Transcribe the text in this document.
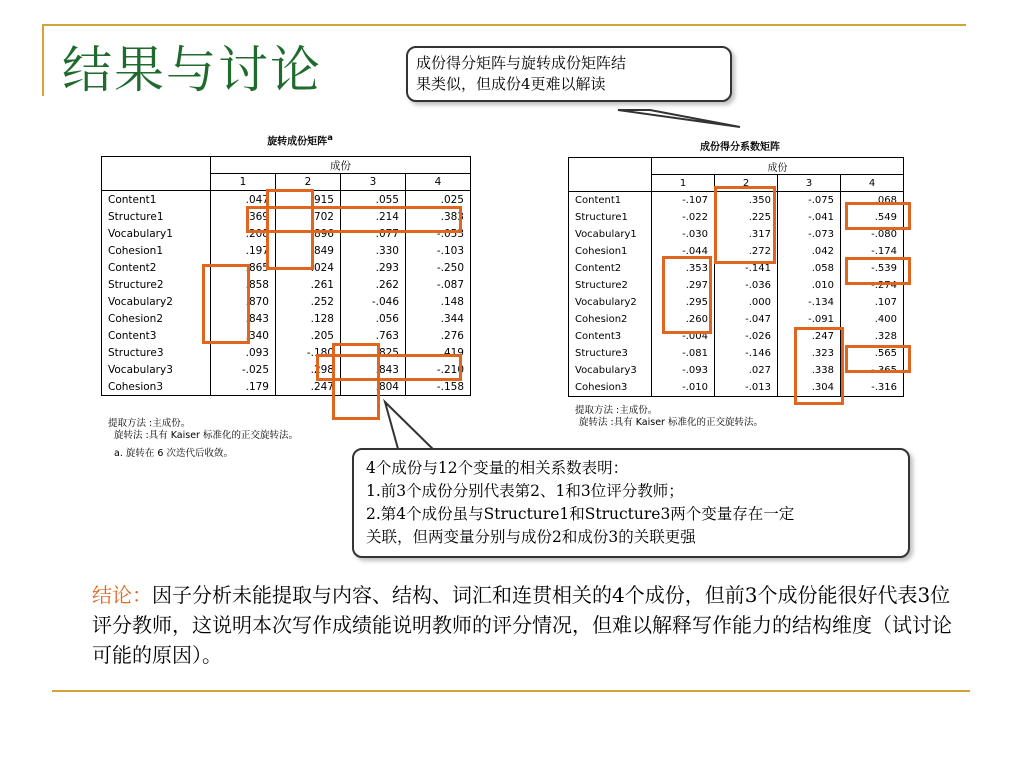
结果与讨论	成份得分矩阵与旋转成份矩阵结
果类似，但成份4更难以解读
旋转成份矩阵$^a$
	成份			
	1	2	3	4
Content1	.047	.915	.055	.025
Structure1	.369	.702	.214	.383
Vocabulary1	.208	.896	.077	-.053
Cohesion1	.197	.849	.330	-.103
Content2	.865	.024	.293	-.250
Structure2	.858	.261	.262	-.087
Vocabulary2	.870	.252	-.046	.148
Cohesion2	.843	.128	.056	.344
Content3	.340	.205	.763	.276
Structure3	.093	-.180	.825	.419
Vocabulary3	-.025	.298	.843	-.210
Cohesion3	.179	.247	.804	-.158
提取方法 :主成份。
旋转法 :具有 Kaiser 标准化的正交旋转法。
a. 旋转在 6 次迭代后收敛。
成份得分系数矩阵
	成份			
	1	2	3	4
Content1	-.107	.350	-.075	.068
Structure1	-.022	.225	-.041	.549
Vocabulary1	-.030	.317	-.073	-.080
Cohesion1	-.044	.272	.042	-.174
Content2	.353	-.141	.058	-.539
Structure2	.297	-.036	.010	-.274
Vocabulary2	.295	.000	-.134	.107
Cohesion2	.260	-.047	-.091	.400
Content3	-.004	-.026	.247	.328
Structure3	-.081	-.146	.323	.565
Vocabulary3	-.093	.027	.338	-.365
Cohesion3	-.010	-.013	.304	-.316
提取方法 :主成份。
旋转法 :具有 Kaiser 标准化的正交旋转法。
4个成份与12个变量的相关系数表明：
1.前3个成份分别代表第2、1和3位评分教师；
2.第4个成份虽与Structure1和Structure3两个变量存在一定
关联，但两变量分别与成份2和成份3的关联更强
结论：因子分析未能提取与内容、结构、词汇和连贯相关的4个成份，但前3个成份能很好代表3位评分教师，这说明本次写作成绩能说明教师的评分情况，但难以解释写作能力的结构维度（试讨论可能的原因）。
